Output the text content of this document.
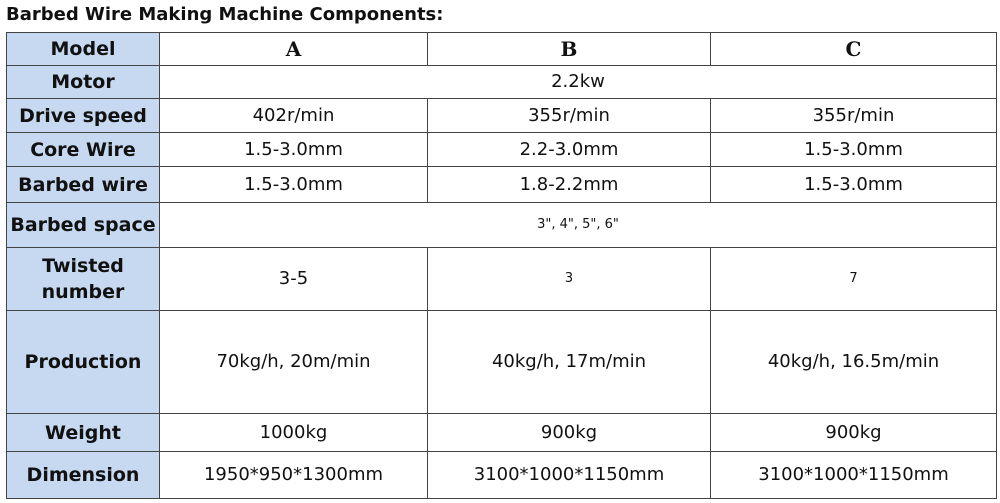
Barbed Wire Making Machine Components:
Model	A	B	C
Motor	2.2kw		
Drive speed	402r/min	355r/min	355r/min
Core Wire	1.5-3.0mm	2.2-3.0mm	1.5-3.0mm
Barbed wire	1.5-3.0mm	1.8-2.2mm	1.5-3.0mm
Barbed space	3", 4", 5", 6"		

Twisted
number	3-5	3	7
Production	70kg/h, 20m/min	40kg/h, 17m/min	40kg/h, 16.5m/min
Weight	1000kg	900kg	900kg
Dimension	1950*950*1300mm	3100*1000*1150mm	3100*1000*1150mm
